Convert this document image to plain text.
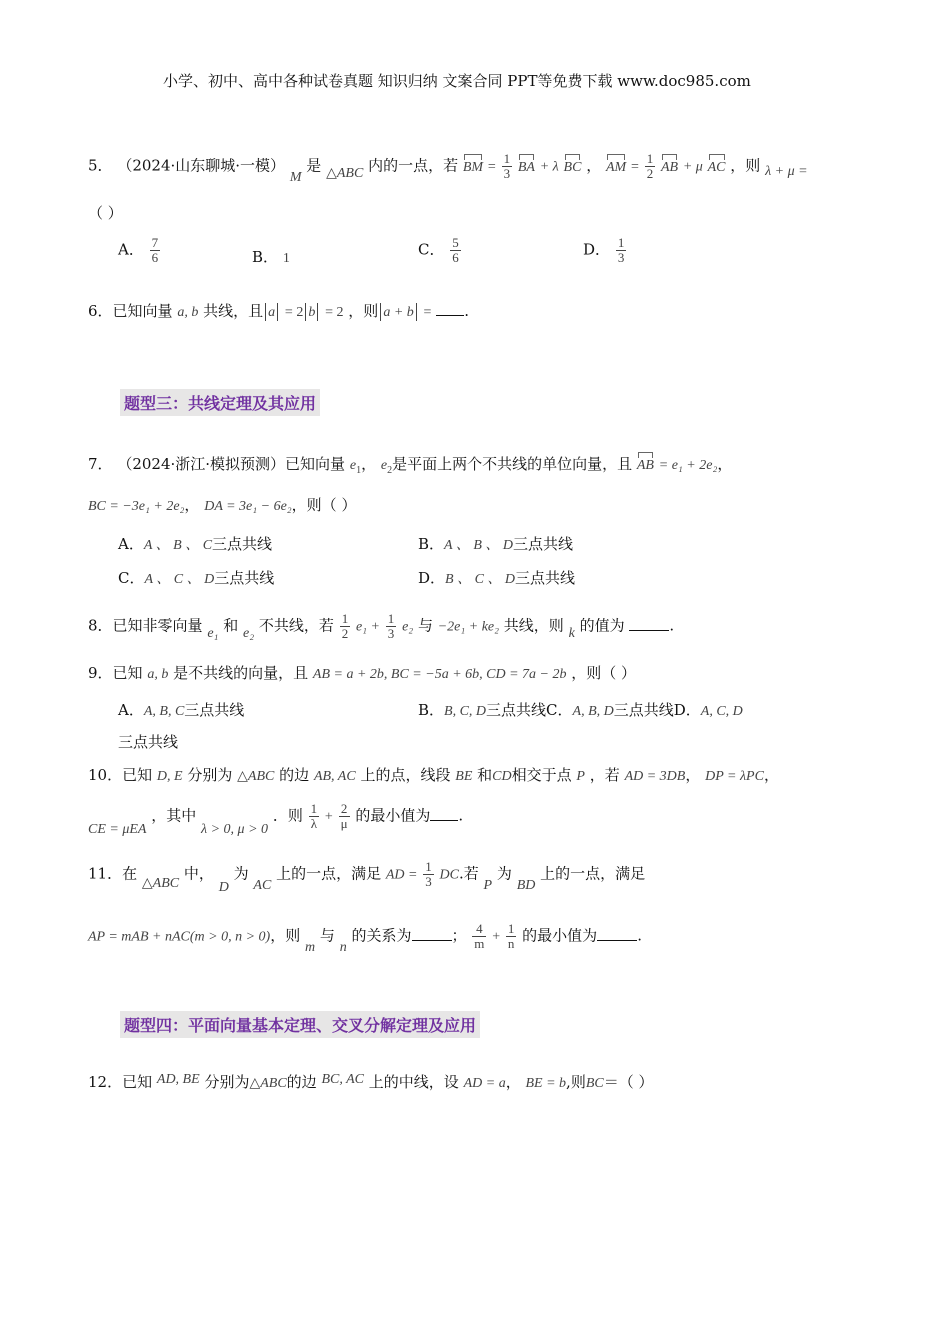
小学、初中、高中各种试卷真题 知识归纳 文案合同 PPT等免费下载 www.doc985.com
5． （2024·山东聊城·一模） M 是 △ABC 内的一点，若 BM = $\frac{1}{3}$ BA + λ BC ， AM = $\frac{1}{2}$ AB + μ AC ，则 λ + μ =
（ ）
A． $\frac{7}{6}$	B． 1	C． $\frac{5}{6}$	D． $\frac{1}{3}$
6．已知向量 a, b 共线，且 a = 2 b = 2 ，则 a + b = .
题型三：共线定理及其应用
7． （2024·浙江·模拟预测）已知向量 $e_1$， $e_2$是平面上两个不共线的单位向量，且 AB = e₁ + 2e₂，
BC = −3e₁ + 2e₂， DA = 3e₁ − 6e₂，则（ ）
A．A 、 B 、 C三点共线	B．A 、 B 、 D三点共线
C．A 、 C 、 D三点共线	D．B 、 C 、 D三点共线
8．已知非零向量 e₁ 和 e₂ 不共线，若 $\frac{1}{2} e_1 + \frac{1}{3} e_2$ 与 −2e₁ + ke₂ 共线，则 k 的值为	.
9．已知 a, b 是不共线的向量，且 AB = a + 2b, BC = −5a + 6b, CD = 7a − 2b ，则（ ）
A．A, B, C三点共线	B．B, C, D三点共线C．A, B, D三点共线D．A, C, D
三点共线
10．已知 D, E 分别为 △ABC 的边 AB, AC 上的点，线段 BE 和CD相交于点 P ，若 AD = 3DB， DP = λPC，
CE = μEA ，其中 λ > 0, μ > 0 ．则 $\frac{1}{\lambda} + \frac{2}{\mu}$ 的最小值为 .
11．在 △ABC 中， D 为 AC 上的一点，满足 AD = $\frac{1}{3}$ DC.若 P 为 BD 上的一点，满足
AP = mAB + nAC(m > 0, n > 0)，则 m 与 n 的关系为	； $\frac{4}{m} + \frac{1}{n}$ 的最小值为	.
题型四：平面向量基本定理、交叉分解定理及应用
12．已知 AD, BE 分别为△ABC的边 BC, AC 上的中线，设 AD = a， BE = b,则BC＝（ ）
